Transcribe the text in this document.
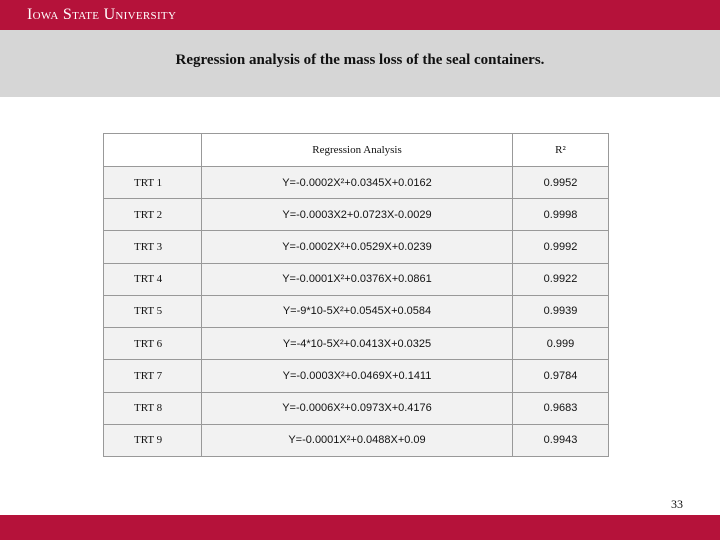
Iowa State University
Regression analysis of the mass loss of the seal containers.
	Regression Analysis	R²
TRT 1	Y=-0.0002X²+0.0345X+0.0162	0.9952
TRT 2	Y=-0.0003X2+0.0723X-0.0029	0.9998
TRT 3	Y=-0.0002X²+0.0529X+0.0239	0.9992
TRT 4	Y=-0.0001X²+0.0376X+0.0861	0.9922
TRT 5	Y=-9*10-5X²+0.0545X+0.0584	0.9939
TRT 6	Y=-4*10-5X²+0.0413X+0.0325	0.999
TRT 7	Y=-0.0003X²+0.0469X+0.1411	0.9784
TRT 8	Y=-0.0006X²+0.0973X+0.4176	0.9683
TRT 9	Y=-0.0001X²+0.0488X+0.09	0.9943
33
